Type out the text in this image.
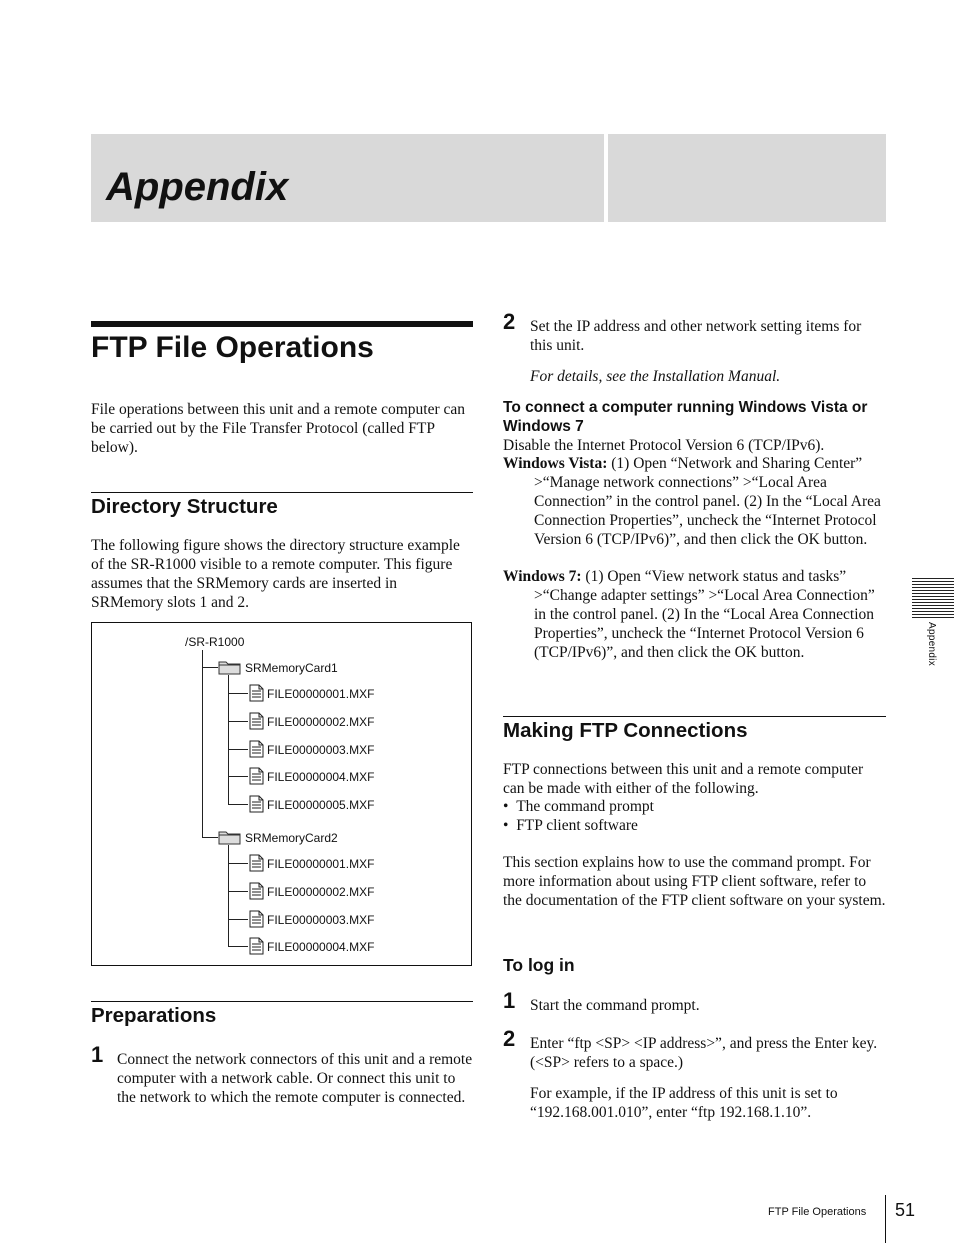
Appendix
FTP File Operations
File operations between this unit and a remote computer can be carried out by the File Transfer Protocol (called FTP below).
Directory Structure
The following figure shows the directory structure example of the SR-R1000 visible to a remote computer. This figure assumes that the SRMemory cards are inserted in SRMemory slots 1 and 2.
/SR-R1000
SRMemoryCard1
FILE00000001.MXF
FILE00000002.MXF
FILE00000003.MXF
FILE00000004.MXF
FILE00000005.MXF
SRMemoryCard2
FILE00000001.MXF
FILE00000002.MXF
FILE00000003.MXF
FILE00000004.MXF
Preparations
1 Connect the network connectors of this unit and a remote computer with a network cable. Or connect this unit to the network to which the remote computer is connected.
2 Set the IP address and other network setting items for this unit.
For details, see the Installation Manual.
To connect a computer running Windows Vista or Windows 7
Disable the Internet Protocol Version 6 (TCP/IPv6).
Windows Vista: (1) Open “Network and Sharing Center” >“Manage network connections” >“Local Area Connection” in the control panel. (2) In the “Local Area Connection Properties”, uncheck the “Internet Protocol Version 6 (TCP/IPv6)”, and then click the OK button.
Windows 7: (1) Open “View network status and tasks” >“Change adapter settings” >“Local Area Connection” in the control panel. (2) In the “Local Area Connection Properties”, uncheck the “Internet Protocol Version 6 (TCP/IPv6)”, and then click the OK button.
Making FTP Connections
FTP connections between this unit and a remote computer can be made with either of the following.
•  The command prompt
•  FTP client software
This section explains how to use the command prompt. For more information about using FTP client software, refer to the documentation of the FTP client software on your system.
To log in
1 Start the command prompt.
2 Enter “ftp <SP> <IP address>”, and press the Enter key. (<SP> refers to a space.)
For example, if the IP address of this unit is set to “192.168.001.010”, enter “ftp 192.168.1.10”.
Appendix
FTP File Operations 51
